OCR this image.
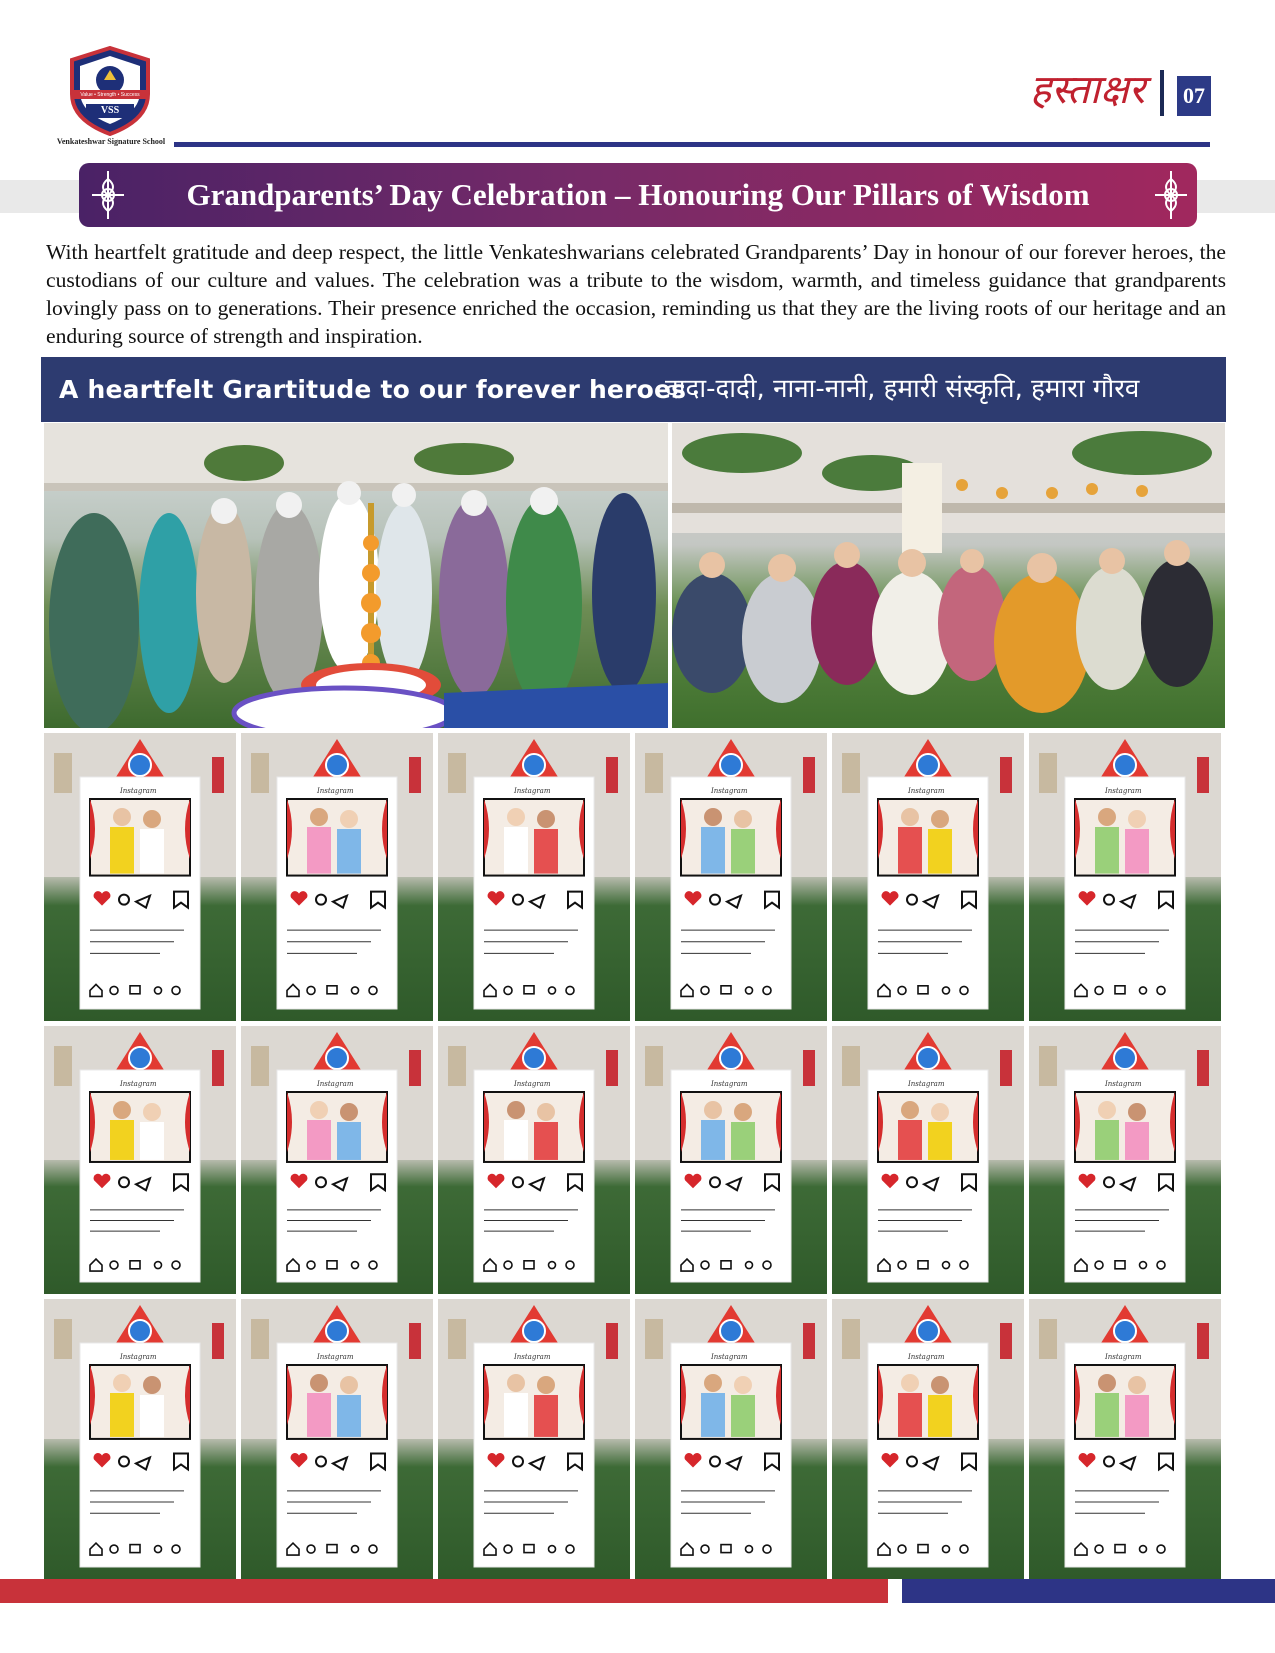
Value • Strength • Success
VSS
Venkateshwar Signature School
हस्ताक्षर 07
Grandparents’ Day Celebration – Honouring Our Pillars of Wisdom
With heartfelt gratitude and deep respect, the little Venkateshwarians celebrated Grandparents’ Day in honour of our forever heroes, the custodians of our culture and values. The celebration was a tribute to the wisdom, warmth, and timeless guidance that grandparents lovingly pass on to generations. Their presence enriched the occasion, reminding us that they are the living roots of our heritage and an enduring source of strength and inspiration.
A heartfelt Grartitude to our forever heroes
दादा-दादी, नाना-नानी, हमारी संस्कृति, हमारा गौरव
Instagram	Instagram	Instagram	Instagram	Instagram	Instagram
Instagram	Instagram	Instagram	Instagram	Instagram	Instagram
Instagram	Instagram	Instagram	Instagram	Instagram	Instagram
